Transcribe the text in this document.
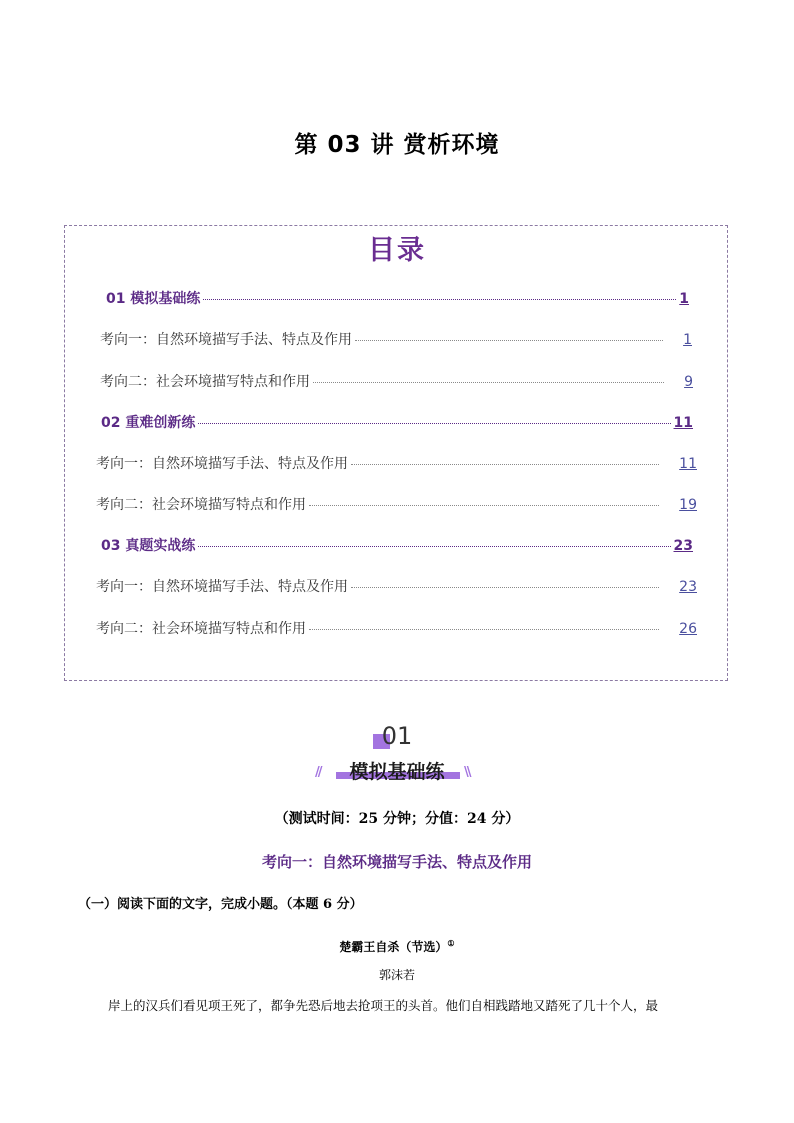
第 03 讲 赏析环境
目录
01 模拟基础练	1
考向一：自然环境描写手法、特点及作用	1
考向二：社会环境描写特点和作用	9
02 重难创新练	11
考向一：自然环境描写手法、特点及作用	11
考向二：社会环境描写特点和作用	19
03 真题实战练	23
考向一：自然环境描写手法、特点及作用	23
考向二：社会环境描写特点和作用	26
01
//	模拟基础练	\\
（测试时间：25 分钟；分值：24 分）
考向一：自然环境描写手法、特点及作用
（一）阅读下面的文字，完成小题。（本题 6 分）
楚霸王自杀（节选）①
郭沫若
岸上的汉兵们看见项王死了，都争先恐后地去抢项王的头首。他们自相践踏地又踏死了几十个人，最
